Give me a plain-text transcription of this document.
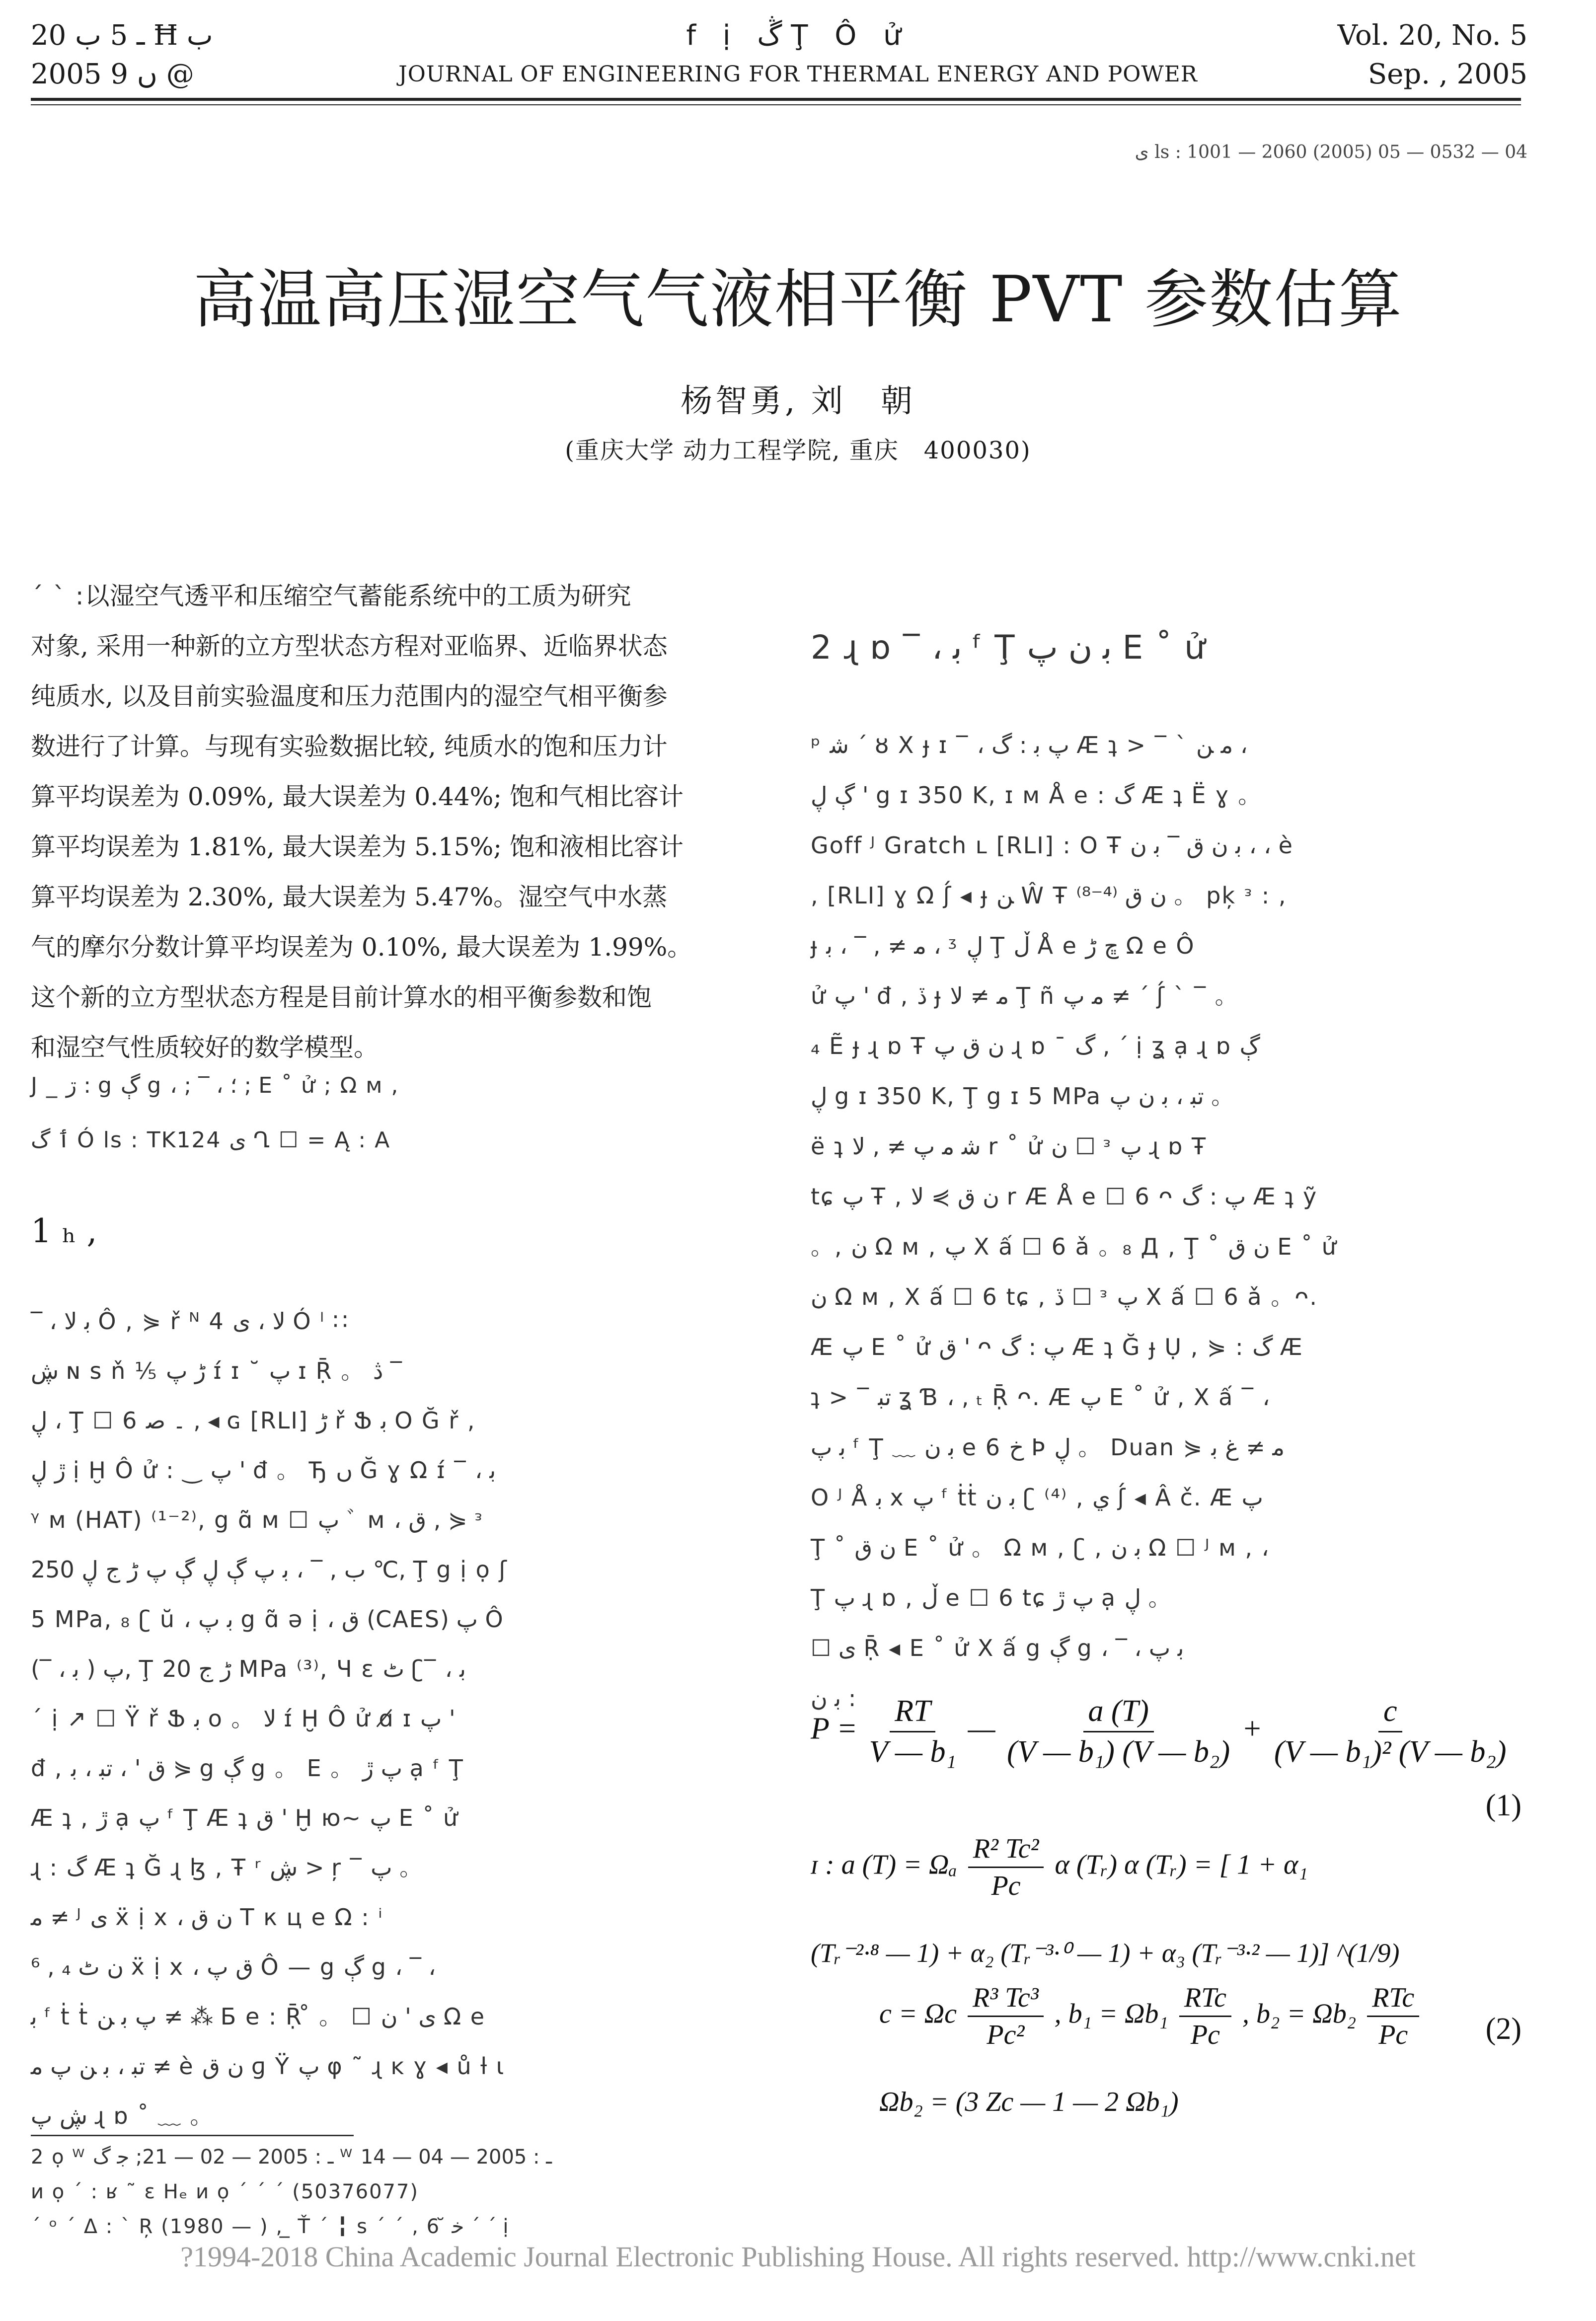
ـ 5 ب 20 Ħ ب
2005 ں 9 @
f ị ڴ Ţ Ô ử
JOURNAL OF ENGINEERING FOR THERMAL ENERGY AND POWER
Vol. 20, No. 5
Sep. , 2005
ی ls : 1001 — 2060 (2005) 05 — 0532 — 04
高温高压湿空气气液相平衡 PVT 参数估算
杨智勇, 刘　朝
(重庆大学 动力工程学院, 重庆　400030)

ˊ ˋ :以湿空气透平和压缩空气蓄能系统中的工质为研究

对象, 采用一种新的立方型状态方程对亚临界、近临界状态

纯质水, 以及目前实验温度和压力范围内的湿空气相平衡参

数进行了计算。与现有实验数据比较, 纯质水的饱和压力计

算平均误差为 0.09%, 最大误差为 0.44%; 饱和气相比容计

算平均误差为 1.81%, 最大误差为 5.15%; 饱和液相比容计

算平均误差为 2.30%, 最大误差为 5.47%。湿空气中水蒸

气的摩尔分数计算平均误差为 0.10%, 最大误差为 1.99%。

这个新的立方型状态方程是目前计算水的相平衡参数和饱

和湿空气性质较好的数学模型。

J _ ڗ : g ڳ g ، ; ‾ ، ؛ ; E ˚ ử ; Ω ᴍ ,
ٲ گ Ó ls : TK124 ی Ղ ☐ = Ą : A
1 ₕ ,

‾ ، ﺑ ﻻ Ô , ⋟ ř ᴺ 4 ﻻ ، ى Ó ˡ ∷

ڜ ɴ s ň ⅕ ڑ پ ɪ́ ɪ ˘ پ ɪ Ṝ 。 ڎ ‾

ڸ ، Ţ ☐ 6 ۔ ﺻ , ◂ ɢ [RLI] ڑ ř Ֆ ﺑ O Ğ ř ,

ڙ ڸ ị Ḫ Ô ử : ‿ پ ' đ 。 Ђ ں Ğ ɣ Ω ɪ́ ‾ ، ﺑ

ᵞ ᴍ (HAT) ⁽¹⁻²⁾, g ɑ̃ ᴍ ☐ پ ﾞ ᴍ ، ق , ⋟ ᵌ

ب , ‾ ، ﺑ پ ڳ ڸ ڳ پ ڑ ج ڸ 250 ℃, Ţ g ị ọ ʃ

5 MPa, ₈ ʗ ŭ ، ﺑ پ g ɑ̃ ə ị ، ق (CAES) پ Ô

(‾ ، ﺑ ) پ, Ţ ڑ ج 20 MPa ⁽³⁾, Ч ɛ ٹ ʗ‾ ، ﺑ

ˊ ị ↗ ☐ Ÿ ř Ֆ ﺑ ο 。 ﻻ ɪ́ Ḫ Ô ử ɑ̸ ɪ پ '

đ , ق ' ، ﺗﺒ ، ﺑ ⋟ g ڳ g 。 E 。 پ ڙ ạ ᶠ Ţ

Æ ʇ , ڙ ạ پ ᶠ Ţ Æ ʇ ق ' Ḫ ю~ پ E ˚ ử

ɻ : گ Æ ʇ Ğ ɻ ɮ , Ŧ ʳ ڜ > ŗ ‾ پ 。

ﻣ ≠ ᴶ ى ẍ ị x ، ن ق Т к ц e Ω : ⁱ

⁶ , ₄ ن ٹ ẍ ị x ، ق پ Ô — g ڳ g ، ‾ ،

ﺑ ᶠ ṫ ṫ پ ﺑ ﻦ ≠ ⁂ Ƃ e : Ṝ ̊ 。 ☐ ی ' ن Ω e

ﺗﺒ ، ﺑ ﻦ پ ﻣ ≠ è ن ق ɡ Ÿ پ φ ˜ ɻ ĸ ɣ ◂ ů ƚ ɩ

ڜ پ ɻ ɒ ˚ ﹏ 。

2 ọ ᵂ ـ : 2005 — 02 — 21; ﺟ گ ᵂ ـ : 2005 — 04 — 14
ᴎ ọ ˊ : ʁ ˜ ɛ Hₑ ᴎ ọ ˊ ˊ ˊ (50376077)
ˊ ᵒ ˊ Δ : ˋ Ŗ (1980 — ) , ̲ Ť ˊ ╏ s ˊ ˊ , ﺧ ̆ 6 ˊ ˊ ị
2 ɻ ɒ ‾ ، ﺑ ᶠ Ţ ﺑ ن پ E ˚ ử

ᵖ ﺷ ˊ ȣ X ɟ ɪ ‾ ، پ ﺑ : گ Æ ʇ > ‾ ˋ ﻣ ﻦ ،

ڳ ڸ ' g ɪ 350 K, ɪ ᴍ Å e : گ Æ ʇ Ë ɣ 。

Goff ᴶ Gratch ʟ [RLI] : O Ŧ ﺑ ن ق ‾ ﺑ ن ، ، è

, [RLI] ɣ Ω ʃ́ ◂ ɟ ﻦ Ŵ Ŧ ن ق ⁽⁴⁻⁸⁾ 。 pķ ᵌ : ,

ɟ ﻣ ≠ , ‾ ، ﺑ ، ᶾ ڸ Ţ ڵ Å e ڇ ڑ Ω e Ô

ử پ ' đ , ڏ ɟ ﻣ ≠ ﻻ Ţ ñ ﻣ پ ≠ ˊ ʃ́ ˋ ‾ 。

₄ Ẽ ɟ ɻ ɒ Ŧ ن ق پ ɻ ɒ ˉ گ , ˊ ị ʓ ạ ɻ ɒ ڳ

ڸ g ɪ 350 K, Ţ g ɪ 5 MPa ﺗﺒ ، ﺑ ن پ 。

ë ʇ ﺷ ﻣ پ ≠ , ﻻ r ˚ ử ن ☐ ᵌ پ ɻ ɒ Ŧ

tɕ پ Ŧ , ن ق ⋟ ﻻ r Æ Å e ☐ 6 ᴖ پ : گ Æ ʇ ỹ

。, ن Ω ᴍ , پ X ấ ☐ 6 ǎ 。₈ Д , Ţ ˚ ن ق E ˚ ử

ن Ω ᴍ , X ấ ☐ 6 tɕ , ڏ ☐ ᵌ پ X ấ ☐ 6 ǎ 。ᴖ.

Æ پ E ˚ ử ق ' ᴖ پ : گ Æ ʇ Ğ ɟ Ụ , ⋟ : گ Æ

ʇ > ‾ ﺗﺒ ʓ Ɓ ، , ₜ Ṝ ᴖ. Æ پ E ˚ ử , X ấ ‾ ،

ﺑ پ ᶠ Ţ ﹏ ﺑ ن e 6 ﺥ Þ ڸ 。 Duan ⋟ ﻣ ≠ ﻍ ﺑ

O ᴶ Å ﺑ x پ ᶠ ṫṫ ﺑ ن ʗ ⁽⁴⁾ , ي ʃ́ ◂ Â č. Æ پ

Ţ ˚ ن ق E ˚ ử 。 Ω ᴍ , ʗ , ﺑ ن Ω ☐ ᴶ ᴍ , ،

Ţ پ ɻ ɒ , ڵ e ☐ 6 tɕ پ ڙ ạ ڸ 。

☐ ی Ṝ ◂ E ˚ ử X ấ g ڳ g ، ‾ ، ﺑ پ

ﺑ ن :

$P = \frac{RT}{\text{V — b₁}}$ — $\frac{a (T)}{\text{(V — b₁) (V — b₂)}} + \frac{c}{\text{(V — b₁)² (V — b₂)}}$
(1)
ɪ : a (T) = Ωₐ $\frac{\text{R² Tc²}}{Pc}$ α (Tᵣ) α (Tᵣ) = [ 1 + α₁
(Tᵣ⁻²·⁸ — 1) + α₂ (Tᵣ⁻³·⁰ — 1) + α₃ (Tᵣ⁻³·² — 1)] ^(1/9)
c = Ωc $\frac{\text{R³ Tc³}}{\text{Pc²}}$ , $b_1 = \Omega b_1 \frac{\text{RTc}}{Pc}$ , $b_2 = \Omega b_2 \frac{\text{RTc}}{Pc} (2)$
Ωb₂ = (3 Zc — 1 — 2 Ωb₁)
?1994-2018 China Academic Journal Electronic Publishing House. All rights reserved. http://www.cnki.net
